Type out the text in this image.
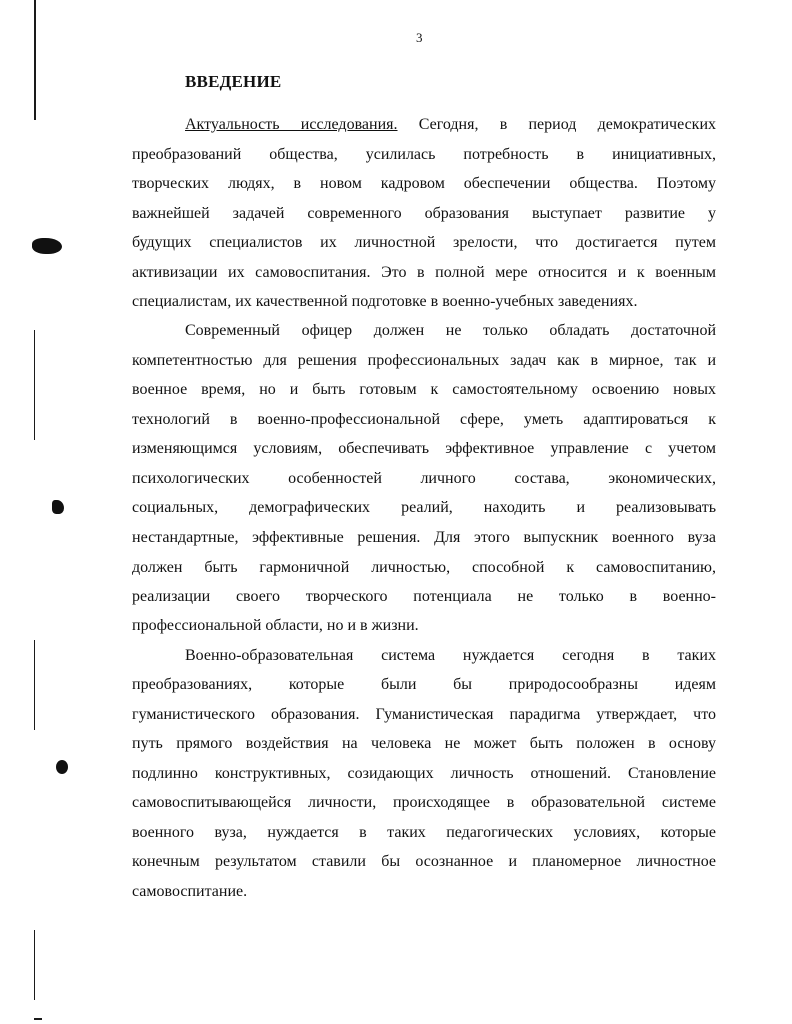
3
ВВЕДЕНИЕ
Актуальность исследования. Сегодня, в период демократических
преобразований общества, усилилась потребность в инициативных,
творческих людях, в новом кадровом обеспечении общества. Поэтому
важнейшей задачей современного образования выступает развитие у
будущих специалистов их личностной зрелости, что достигается путем
активизации их самовоспитания. Это в полной мере относится и к военным
специалистам, их качественной подготовке в военно-учебных заведениях.
Современный офицер должен не только обладать достаточной
компетентностью для решения профессиональных задач как в мирное, так и
военное время, но и быть готовым к самостоятельному освоению новых
технологий в военно-профессиональной сфере, уметь адаптироваться к
изменяющимся условиям, обеспечивать эффективное управление с учетом
психологических особенностей личного состава, экономических,
социальных, демографических реалий, находить и реализовывать
нестандартные, эффективные решения. Для этого выпускник военного вуза
должен быть гармоничной личностью, способной к самовоспитанию,
реализации своего творческого потенциала не только в военно-
профессиональной области, но и в жизни.
Военно-образовательная система нуждается сегодня в таких
преобразованиях, которые были бы природосообразны идеям
гуманистического образования. Гуманистическая парадигма утверждает, что
путь прямого воздействия на человека не может быть положен в основу
подлинно конструктивных, созидающих личность отношений. Становление
самовоспитывающейся личности, происходящее в образовательной системе
военного вуза, нуждается в таких педагогических условиях, которые
конечным результатом ставили бы осознанное и планомерное личностное
самовоспитание.
